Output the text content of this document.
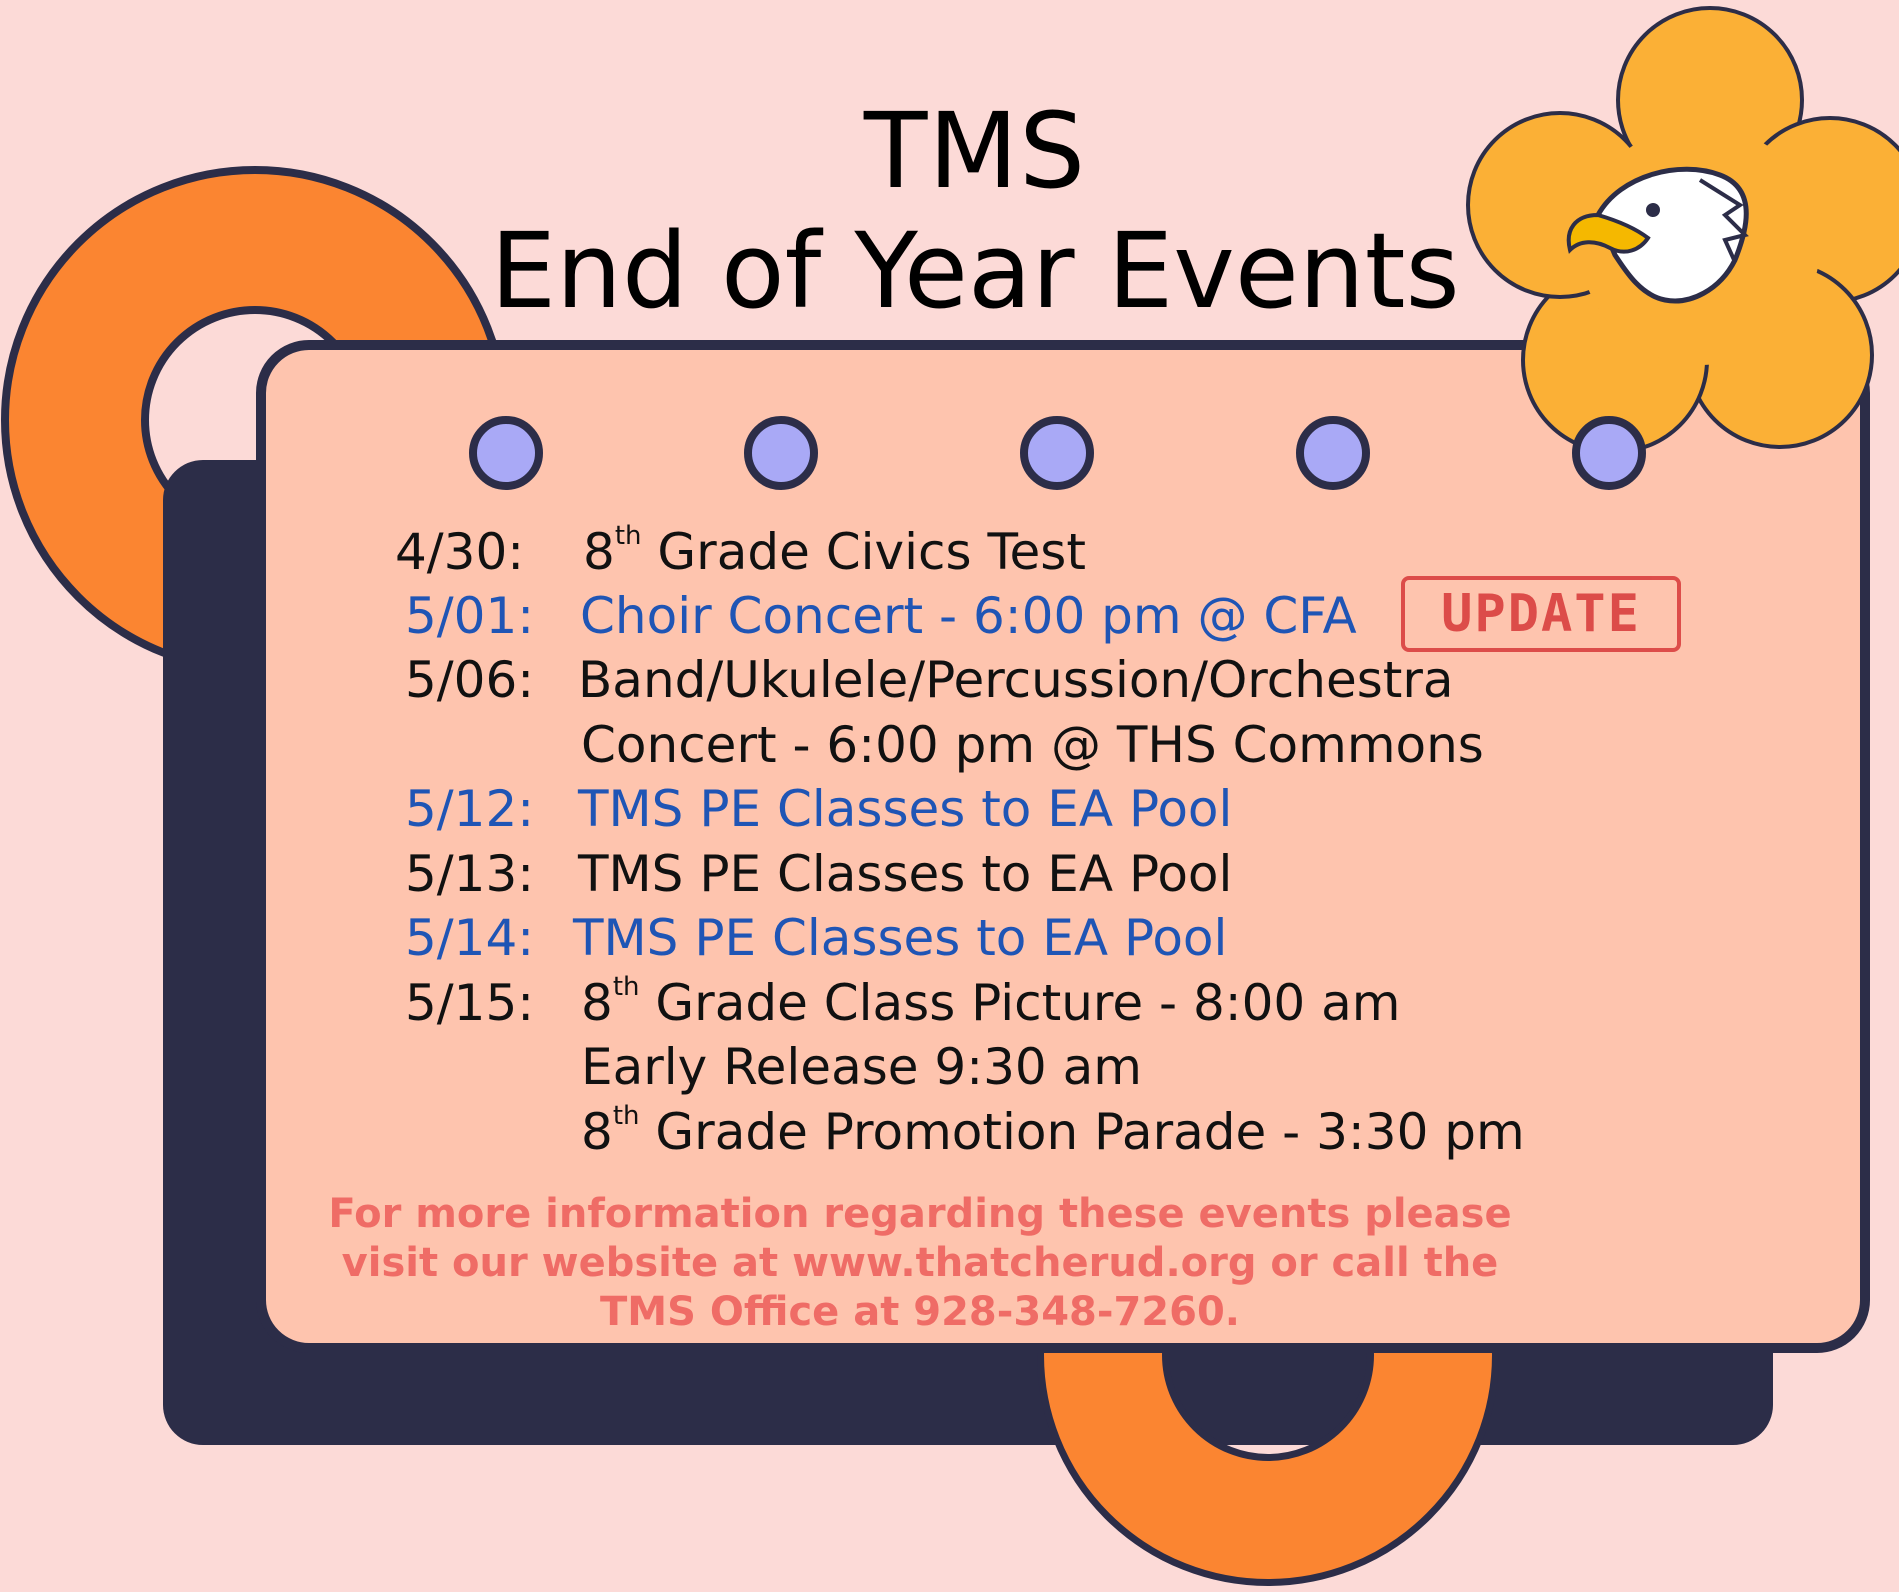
TMS
End of Year Events
4/30: 8th Grade Civics Test
5/01: Choir Concert - 6:00 pm @ CFA	UPDATE
5/06: Band/Ukulele/Percussion/Orchestra
Concert - 6:00 pm @ THS Commons
5/12: TMS PE Classes to EA Pool
5/13: TMS PE Classes to EA Pool
5/14: TMS PE Classes to EA Pool
5/15: 8th Grade Class Picture - 8:00 am
Early Release 9:30 am
8th Grade Promotion Parade - 3:30 pm
For more information regarding these events please
visit our website at www.thatcherud.org or call the
TMS Office at 928-348-7260.
